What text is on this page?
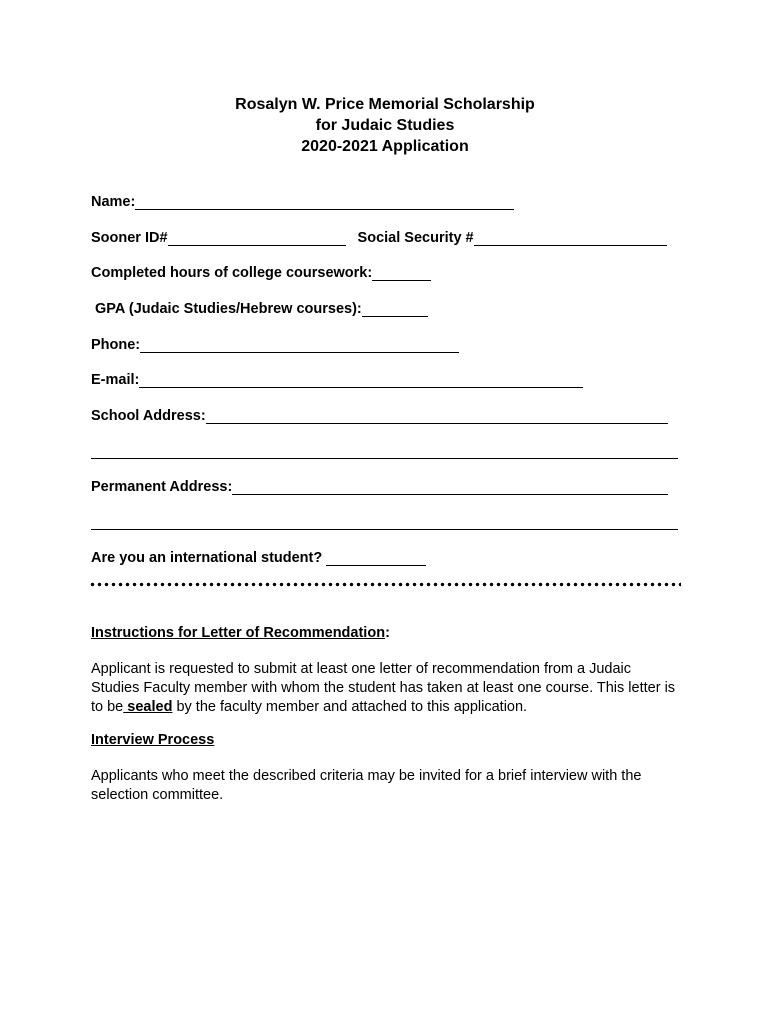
Rosalyn W. Price Memorial Scholarship
for Judaic Studies
2020-2021 Application
Name:
Sooner ID#	Social Security #
Completed hours of college coursework:
GPA (Judaic Studies/Hebrew courses):
Phone:
E-mail:
School Address:
Permanent Address:
Are you an international student?
Instructions for Letter of Recommendation:
Applicant is requested to submit at least one letter of recommendation from a Judaic Studies Faculty member with whom the student has taken at least one course. This letter is to be sealed by the faculty member and attached to this application.
Interview Process
Applicants who meet the described criteria may be invited for a brief interview with the selection committee.
